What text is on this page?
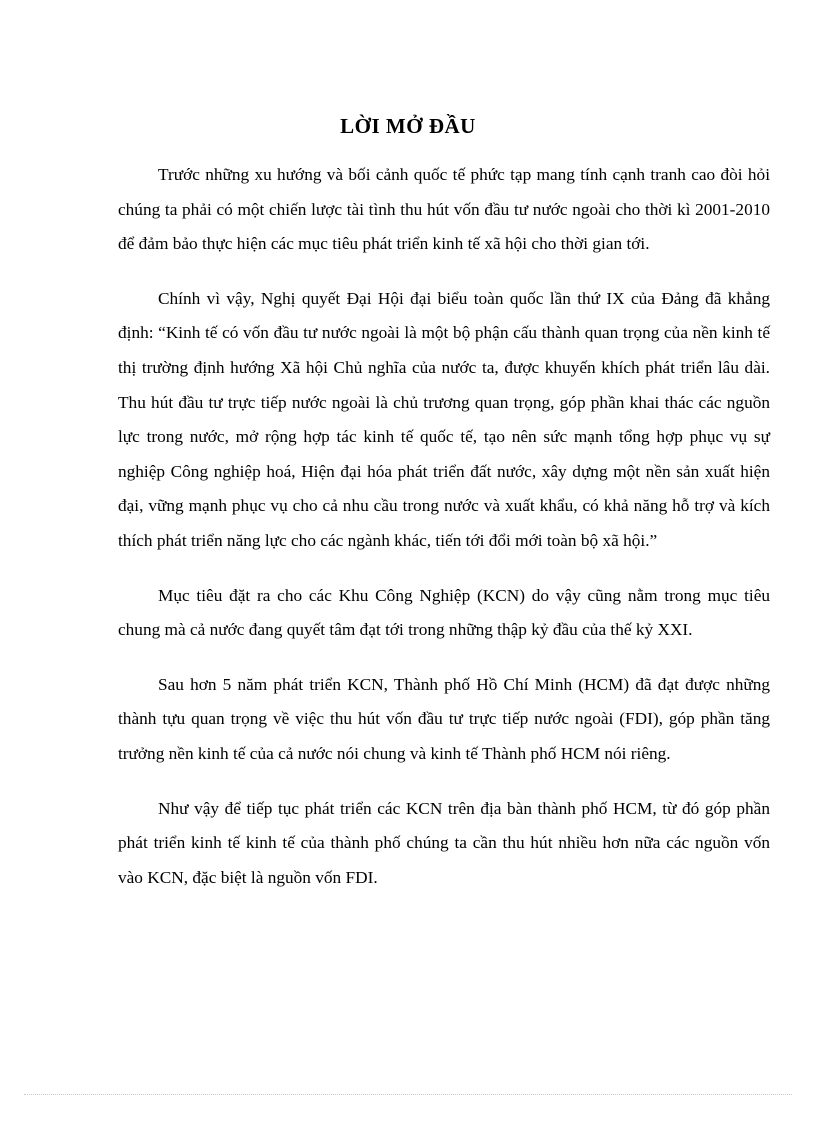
LỜI MỞ ĐẦU

Trước những xu hướng và bối cảnh quốc tế phức tạp mang tính cạnh tranh cao đòi hỏi chúng ta phải có một chiến lược tài tình thu hút vốn đầu tư nước ngoài cho thời kì 2001-2010 để đảm bảo thực hiện các mục tiêu phát triển kinh tế xã hội cho thời gian tới.

Chính vì vậy, Nghị quyết Đại Hội đại biểu toàn quốc lần thứ IX của Đảng đã khẳng định: “Kinh tế có vốn đầu tư nước ngoài là một bộ phận cấu thành quan trọng của nền kinh tế thị trường định hướng Xã hội Chủ nghĩa của nước ta, được khuyến khích phát triển lâu dài. Thu hút đầu tư trực tiếp nước ngoài là chủ trương quan trọng, góp phần khai thác các nguồn lực trong nước, mở rộng hợp tác kinh tế quốc tế, tạo nên sức mạnh tổng hợp phục vụ sự nghiệp Công nghiệp hoá, Hiện đại hóa phát triển đất nước, xây dựng một nền sản xuất hiện đại, vững mạnh phục vụ cho cả nhu cầu trong nước và xuất khẩu, có khả năng hỗ trợ và kích thích phát triển năng lực cho các ngành khác, tiến tới đổi mới toàn bộ xã hội.”

Mục tiêu đặt ra cho các Khu Công Nghiệp (KCN) do vậy cũng nằm trong mục tiêu chung mà cả nước đang quyết tâm đạt tới trong những thập kỷ đầu của thế kỷ XXI.

Sau hơn 5 năm phát triển KCN, Thành phố Hồ Chí Minh (HCM) đã đạt được những thành tựu quan trọng về việc thu hút vốn đầu tư trực tiếp nước ngoài (FDI), góp phần tăng trưởng nền kinh tế của cả nước nói chung và kinh tế Thành phố HCM nói riêng.

Như vậy để tiếp tục phát triển các KCN trên địa bàn thành phố HCM, từ đó góp phần phát triển kinh tế kinh tế của thành phố chúng ta cần thu hút nhiều hơn nữa các nguồn vốn vào KCN, đặc biệt là nguồn vốn FDI.
